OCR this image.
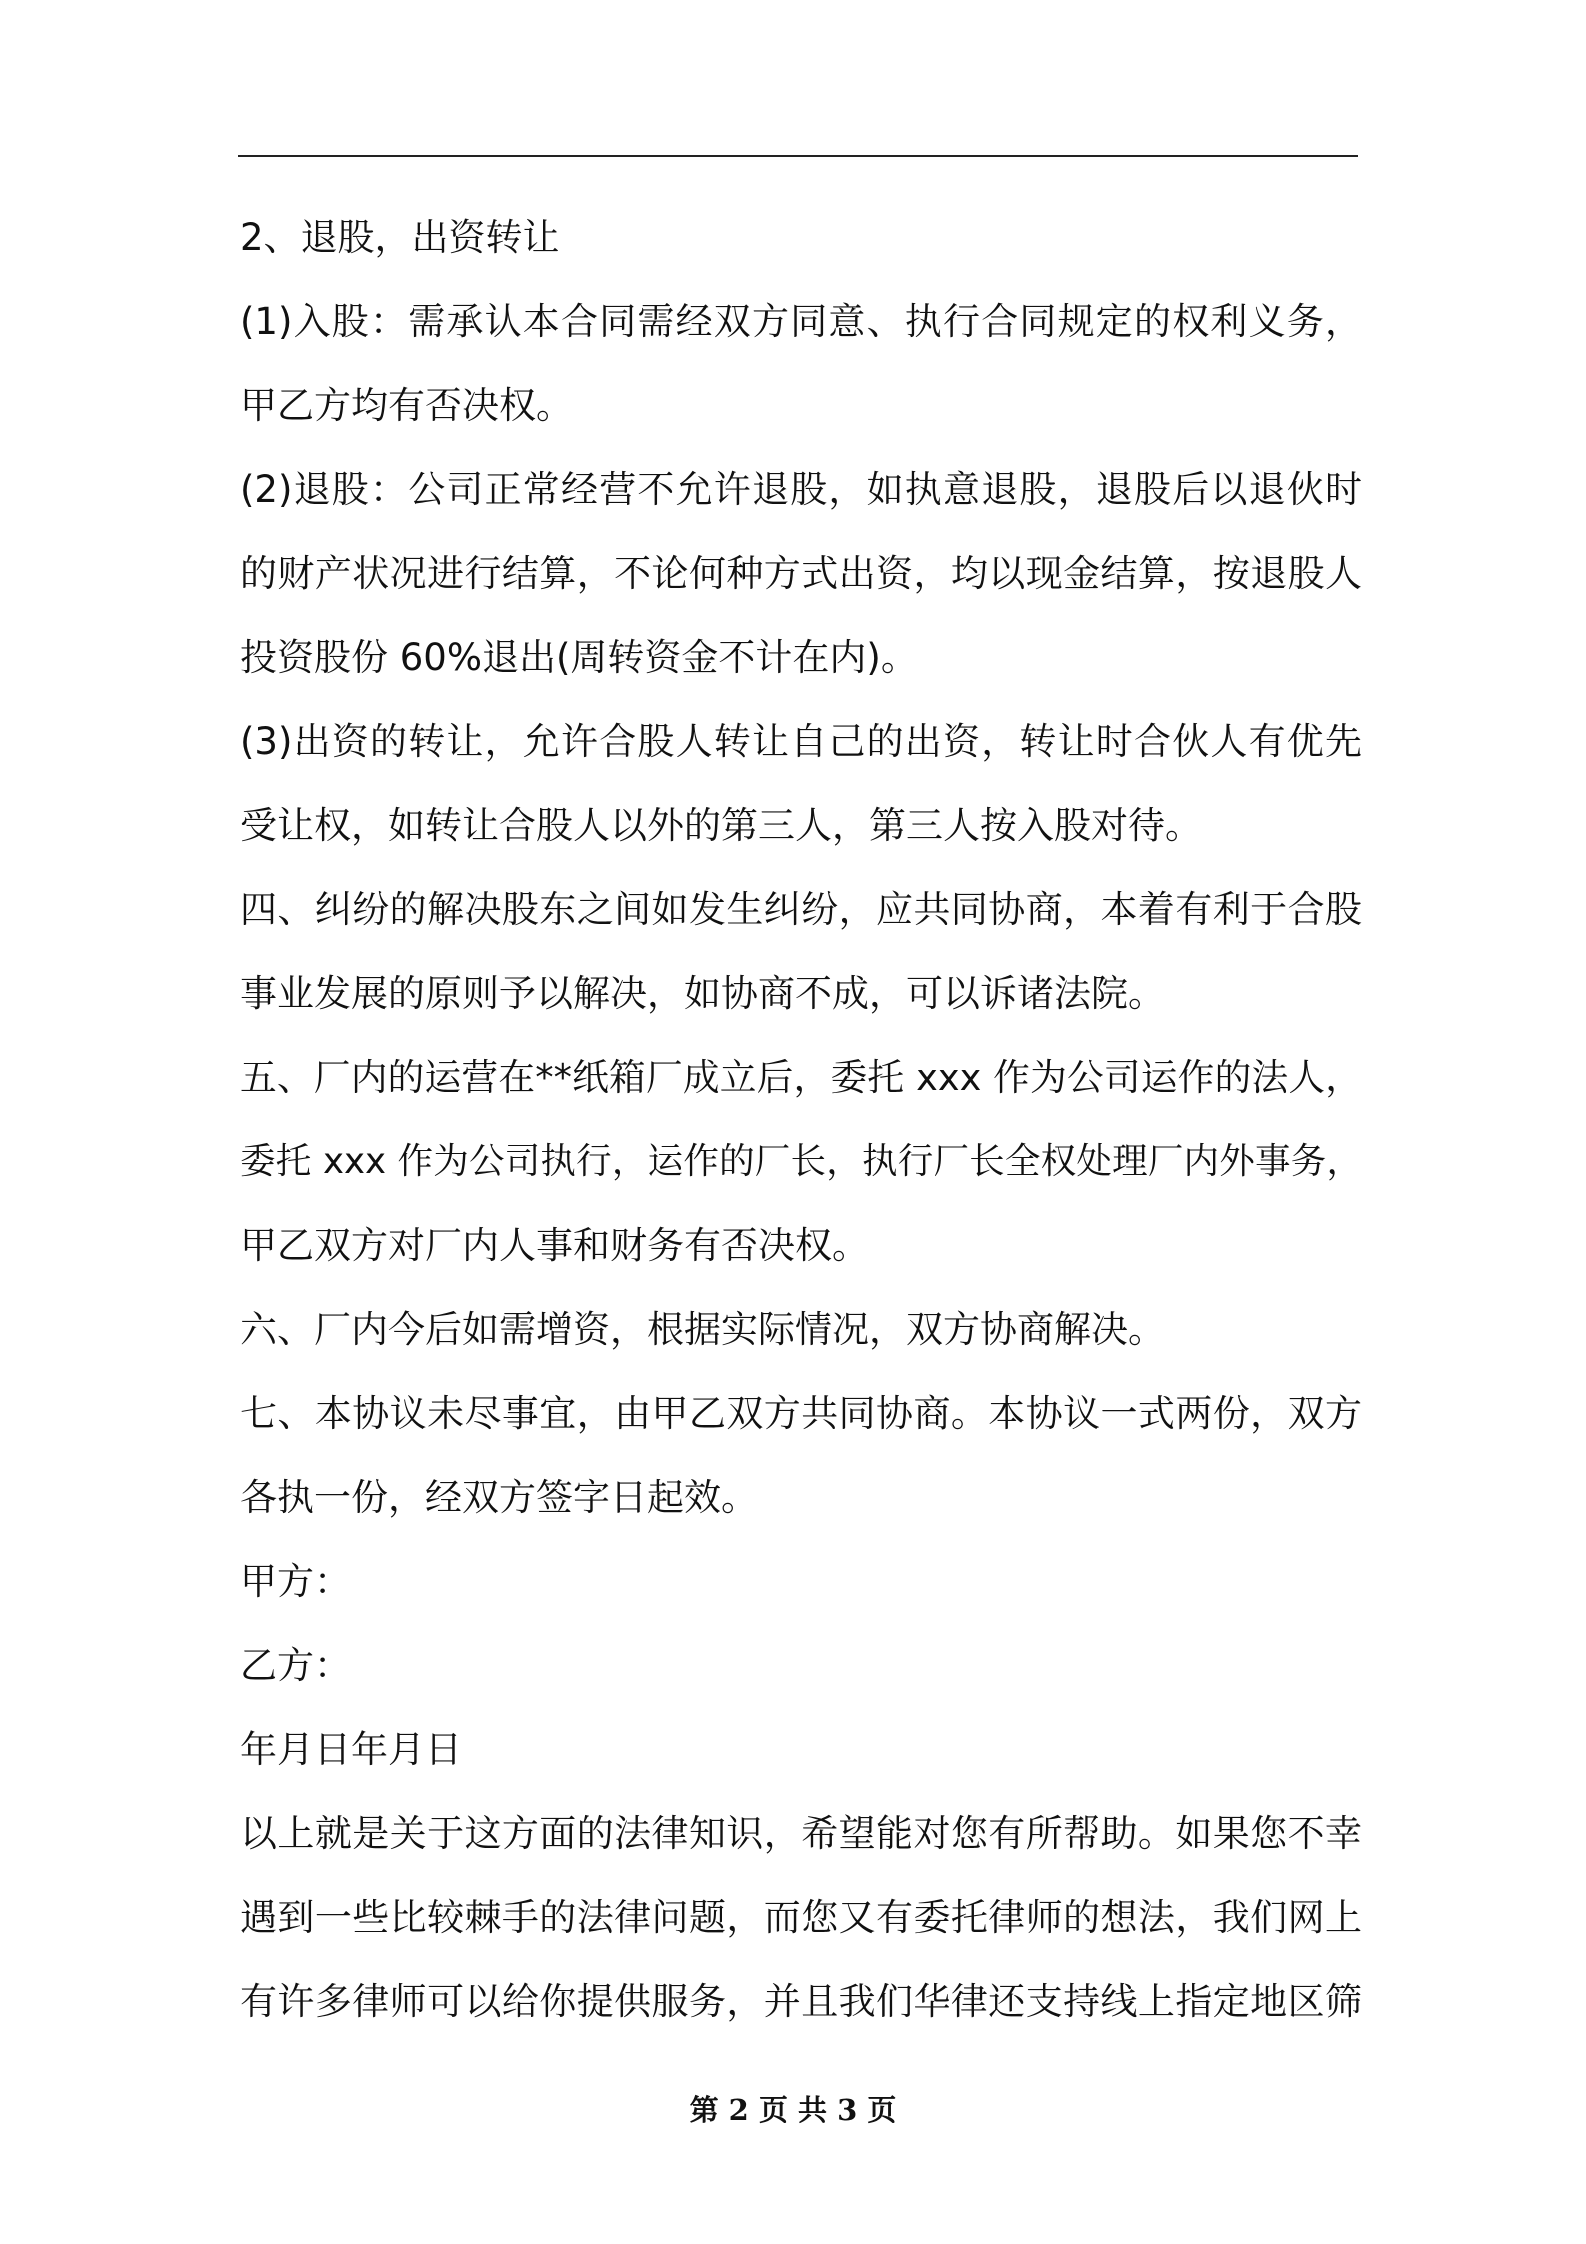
2、退股，出资转让
(1)入股：需承认本合同需经双方同意、执行合同规定的权利义务，
甲乙方均有否决权。
(2)退股：公司正常经营不允许退股，如执意退股，退股后以退伙时
的财产状况进行结算，不论何种方式出资，均以现金结算，按退股人
投资股份 60%退出(周转资金不计在内)。
(3)出资的转让，允许合股人转让自己的出资，转让时合伙人有优先
受让权，如转让合股人以外的第三人，第三人按入股对待。
四、纠纷的解决股东之间如发生纠纷，应共同协商，本着有利于合股
事业发展的原则予以解决，如协商不成，可以诉诸法院。
五、厂内的运营在**纸箱厂成立后，委托 xxx 作为公司运作的法人，
委托 xxx 作为公司执行，运作的厂长，执行厂长全权处理厂内外事务，
甲乙双方对厂内人事和财务有否决权。
六、厂内今后如需增资，根据实际情况，双方协商解决。
七、本协议未尽事宜，由甲乙双方共同协商。本协议一式两份，双方
各执一份，经双方签字日起效。
甲方：
乙方：
年月日年月日
以上就是关于这方面的法律知识，希望能对您有所帮助。如果您不幸
遇到一些比较棘手的法律问题，而您又有委托律师的想法，我们网上
有许多律师可以给你提供服务，并且我们华律还支持线上指定地区筛
第 2 页 共 3 页
